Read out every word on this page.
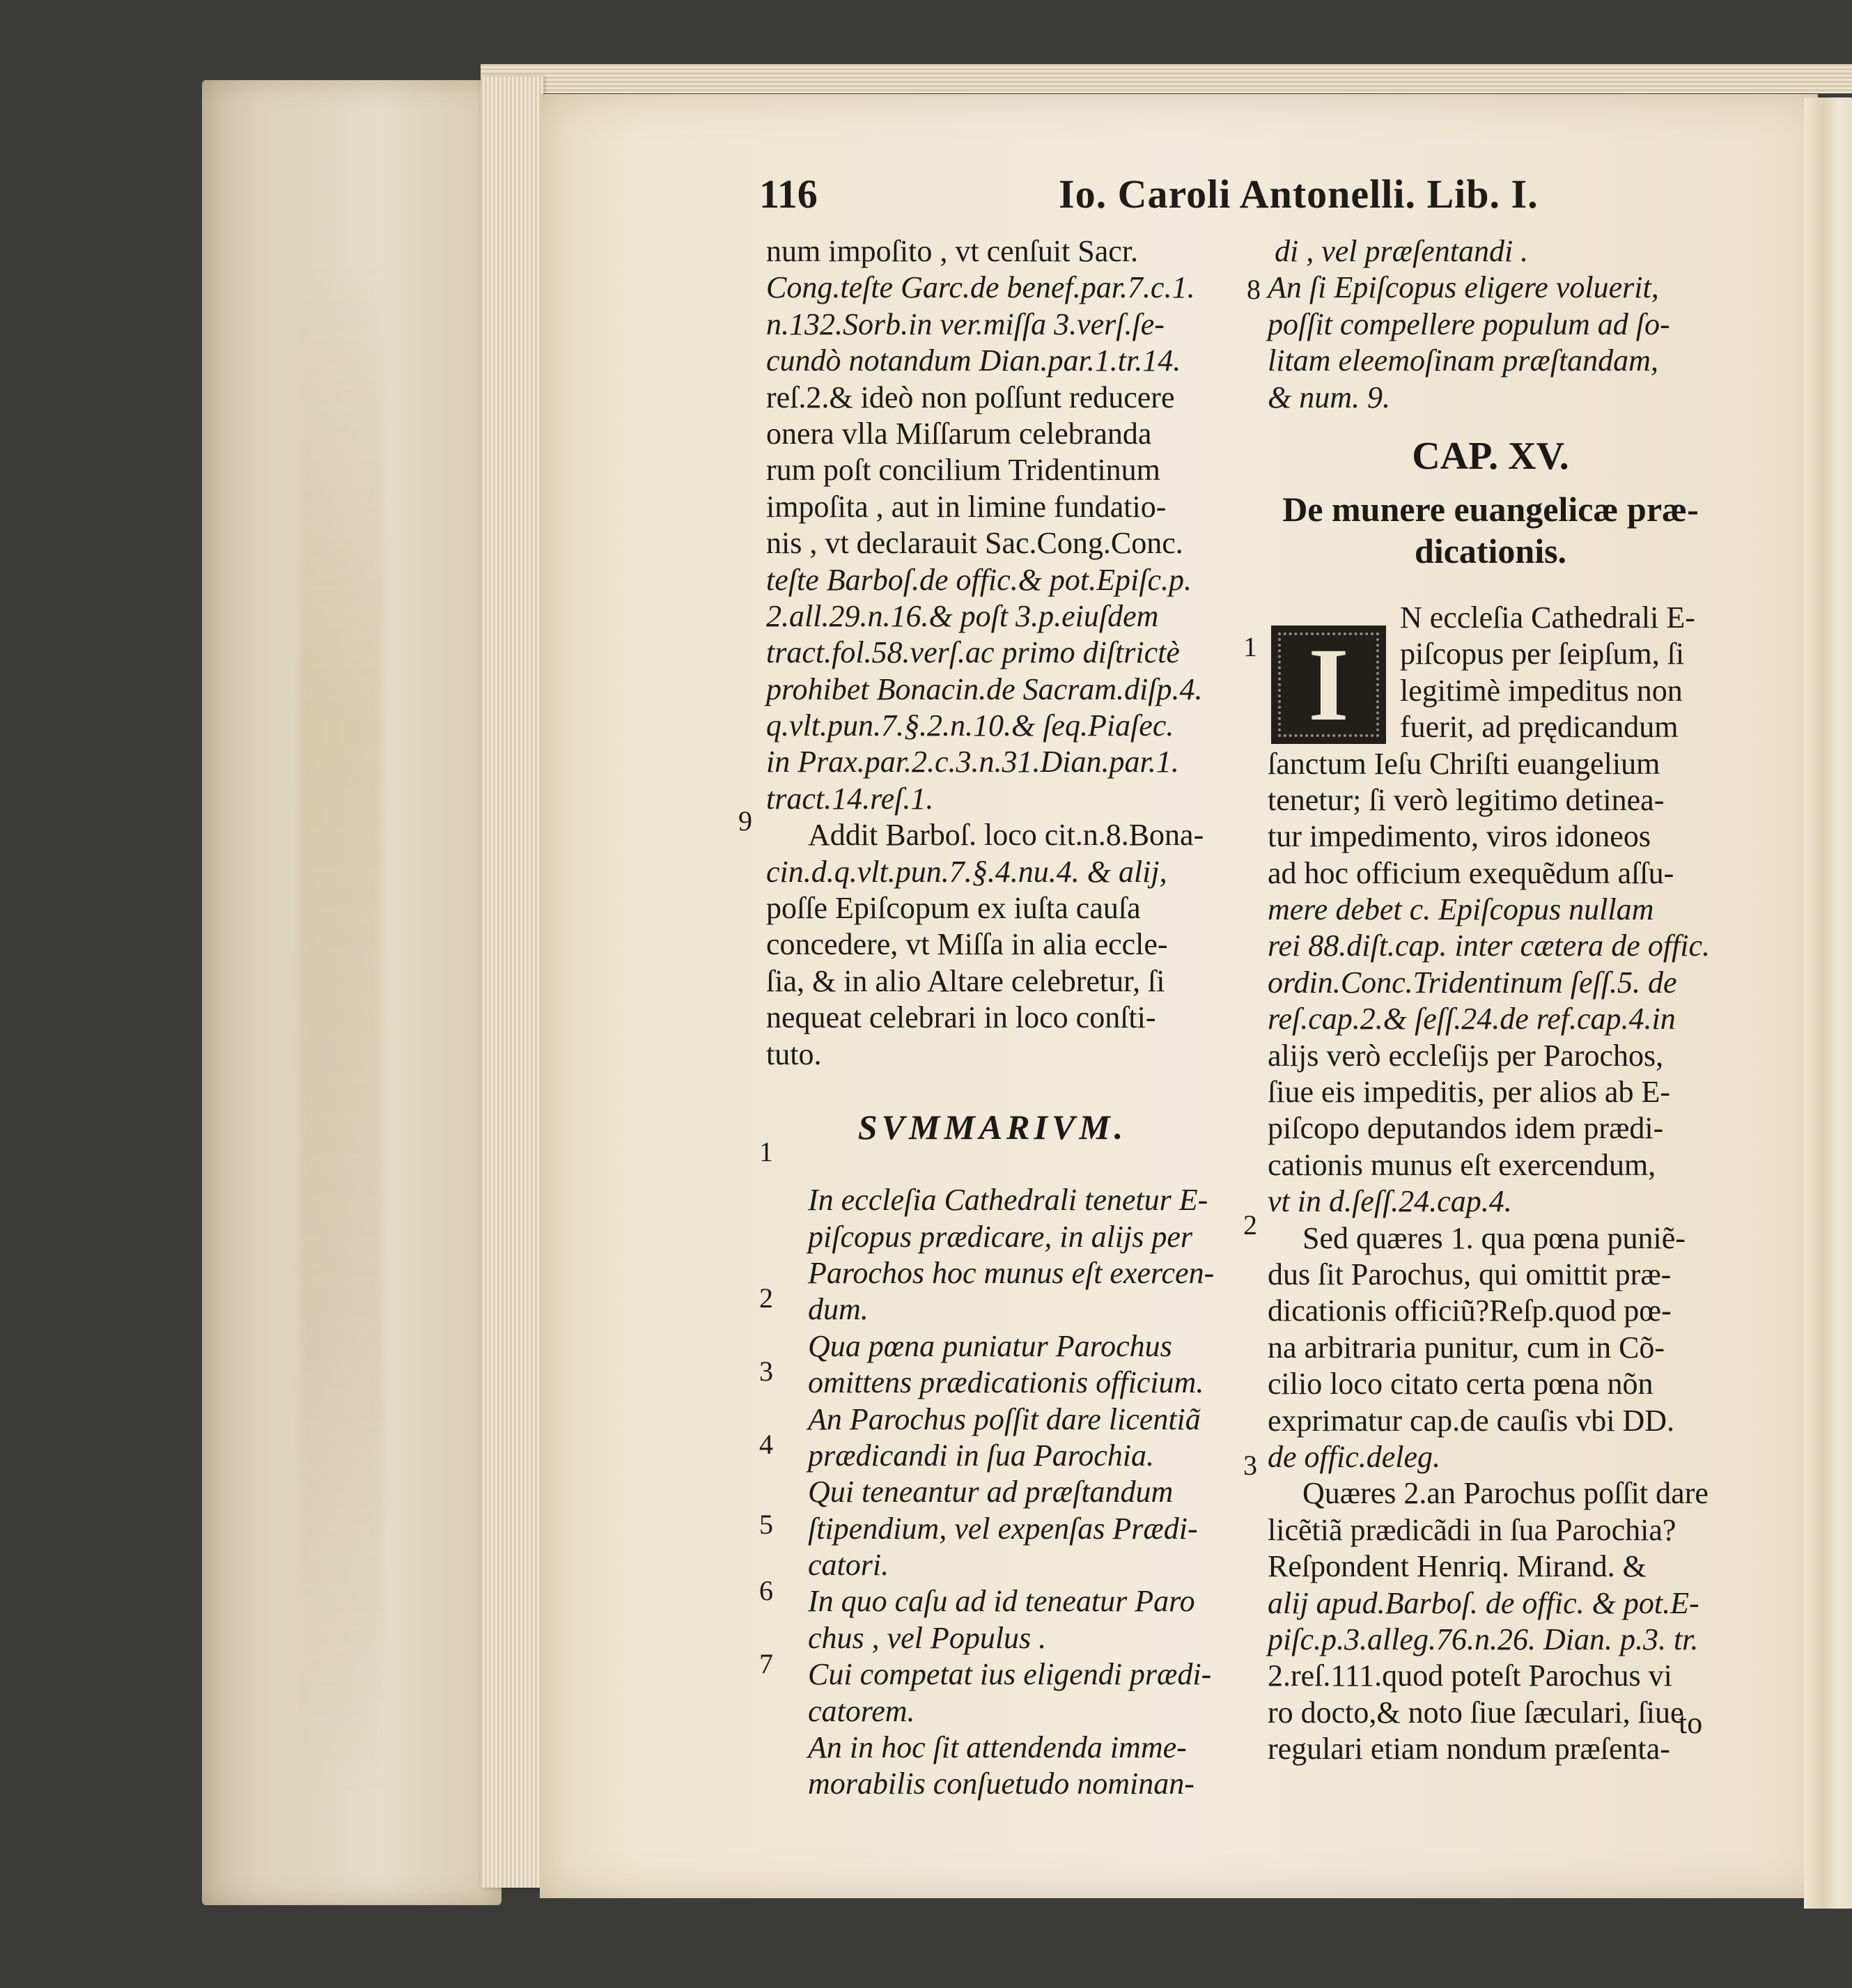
116	Io. Caroli Antonelli. Lib. I.
num impoſito , vt cenſuit Sacr.
Cong.teſte Garc.de benef.par.7.c.1.
n.132.Sorb.in ver.miſſa 3.verſ.ſe-
cundò notandum Dian.par.1.tr.14.
reſ.2.& ideò non poſſunt reducere
onera vlla Miſſarum celebranda
rum poſt concilium Tridentinum
impoſita , aut in limine fundatio-
nis , vt declarauit Sac.Cong.Conc.
teſte Barboſ.de offic.& pot.Epiſc.p.
2.all.29.n.16.& poſt 3.p.eiuſdem
tract.fol.58.verſ.ac primo diſtrictè
prohibet Bonacin.de Sacram.diſp.4.
q.vlt.pun.7.§.2.n.10.& ſeq.Piaſec.
in Prax.par.2.c.3.n.31.Dian.par.1.
tract.14.reſ.1.
Addit Barboſ. loco cit.n.8.Bona-
cin.d.q.vlt.pun.7.§.4.nu.4. & alij,
poſſe Epiſcopum ex iuſta cauſa
concedere, vt Miſſa in alia eccle-
ſia, & in alio Altare celebretur, ſi
nequeat celebrari in loco conſti-
tuto.
SVMMARIVM.
In eccleſia Cathedrali tenetur E-
piſcopus prædicare, in alijs per
Parochos hoc munus eſt exercen-
dum.
Qua pœna puniatur Parochus
omittens prædicationis officium.
An Parochus poſſit dare licentiã
prædicandi in ſua Parochia.
Qui teneantur ad præſtandum
ſtipendium, vel expenſas Prædi-
catori.
In quo caſu ad id teneatur Paro
chus , vel Populus .
Cui competat ius eligendi prædi-
catorem.
An in hoc ſit attendenda imme-
morabilis conſuetudo nominan-
9
1
2
3
4
5
6
7
di , vel præſentandi .
An ſi Epiſcopus eligere voluerit,
poſſit compellere populum ad ſo-
litam eleemoſinam præſtandam,
& num. 9.
CAP. XV.
De munere euangelicæ præ-
dicationis.
N eccleſia Cathedrali E-
piſcopus per ſeipſum, ſi
legitimè impeditus non
fuerit, ad prędicandum
ſanctum Ieſu Chriſti euangelium
tenetur; ſi verò legitimo detinea-
tur impedimento, viros idoneos
ad hoc officium exequẽdum aſſu-
mere debet c. Epiſcopus nullam
rei 88.diſt.cap. inter cætera de offic.
ordin.Conc.Tridentinum ſeſſ.5. de
reſ.cap.2.& ſeſſ.24.de ref.cap.4.in
alijs verò eccleſijs per Parochos,
ſiue eis impeditis, per alios ab E-
piſcopo deputandos idem prædi-
cationis munus eſt exercendum,
vt in d.ſeſſ.24.cap.4.
Sed quæres 1. qua pœna puniẽ-
dus ſit Parochus, qui omittit præ-
dicationis officiũ?Reſp.quod pœ-
na arbitraria punitur, cum in Cõ-
cilio loco citato certa pœna nõn
exprimatur cap.de cauſis vbi DD.
de offic.deleg.
Quæres 2.an Parochus poſſit dare
licẽtiã prædicãdi in ſua Parochia?
Reſpondent Henriq. Mirand. &
alij apud.Barboſ. de offic. & pot.E-
piſc.p.3.alleg.76.n.26. Dian. p.3. tr.
2.reſ.111.quod poteſt Parochus vi
ro docto,& noto ſiue ſæculari, ſiue
regulari etiam nondum præſenta-
I
8
1
2
3
to
